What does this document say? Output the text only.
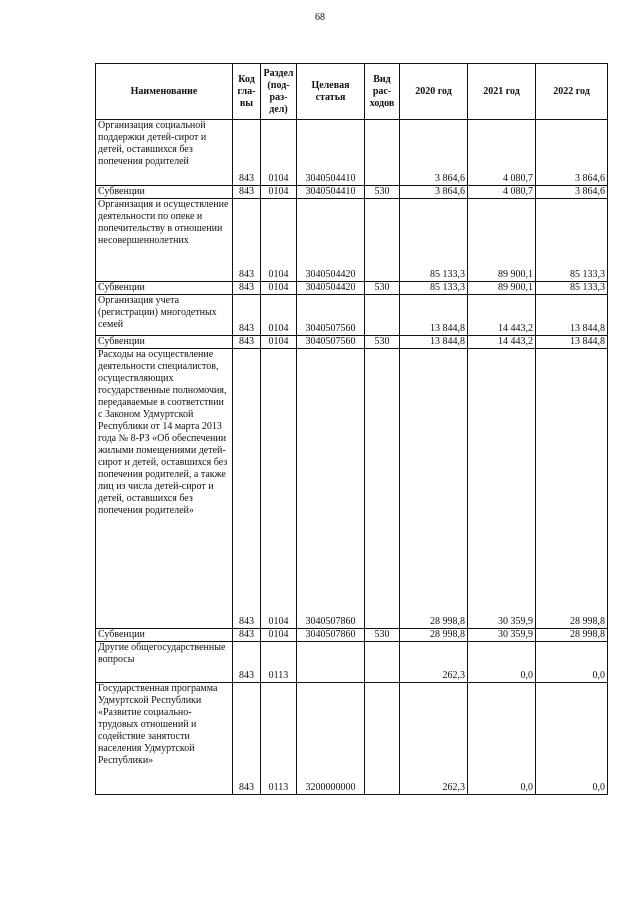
68
Наименование	Код гла-вы	Раздел (под-раз-дел)	Целевая статья	Вид рас-ходов	2020 год	2021 год	2022 год
Организация социальной поддержки детей-сирот и детей, оставшихся без попечения родителей	843	0104	3040504410		3 864,6	4 080,7	3 864,6
Субвенции	843	0104	3040504410	530	3 864,6	4 080,7	3 864,6
Организация и осуществление деятельности по опеке и попечительству в отношении несовершеннолетних	843	0104	3040504420		85 133,3	89 900,1	85 133,3
Субвенции	843	0104	3040504420	530	85 133,3	89 900,1	85 133,3
Организация учета (регистрации) многодетных семей	843	0104	3040507560		13 844,8	14 443,2	13 844,8
Субвенции	843	0104	3040507560	530	13 844,8	14 443,2	13 844,8
Расходы на осуществление деятельности специалистов, осуществляющих государственные полномочия, передаваемые в соответствии с Законом Удмуртской Республики от 14 марта 2013 года № 8-РЗ «Об обеспечении жилыми помещениями детей-сирот и детей, оставшихся без попечения родителей, а также лиц из числа детей-сирот и детей, оставшихся без попечения родителей»	843	0104	3040507860		28 998,8	30 359,9	28 998,8
Субвенции	843	0104	3040507860	530	28 998,8	30 359,9	28 998,8
Другие общегосударственные вопросы	843	0113			262,3	0,0	0,0
Государственная программа Удмуртской Республики «Развитие социально-трудовых отношений и содействие занятости населения Удмуртской Республики»	843	0113	3200000000		262,3	0,0	0,0
